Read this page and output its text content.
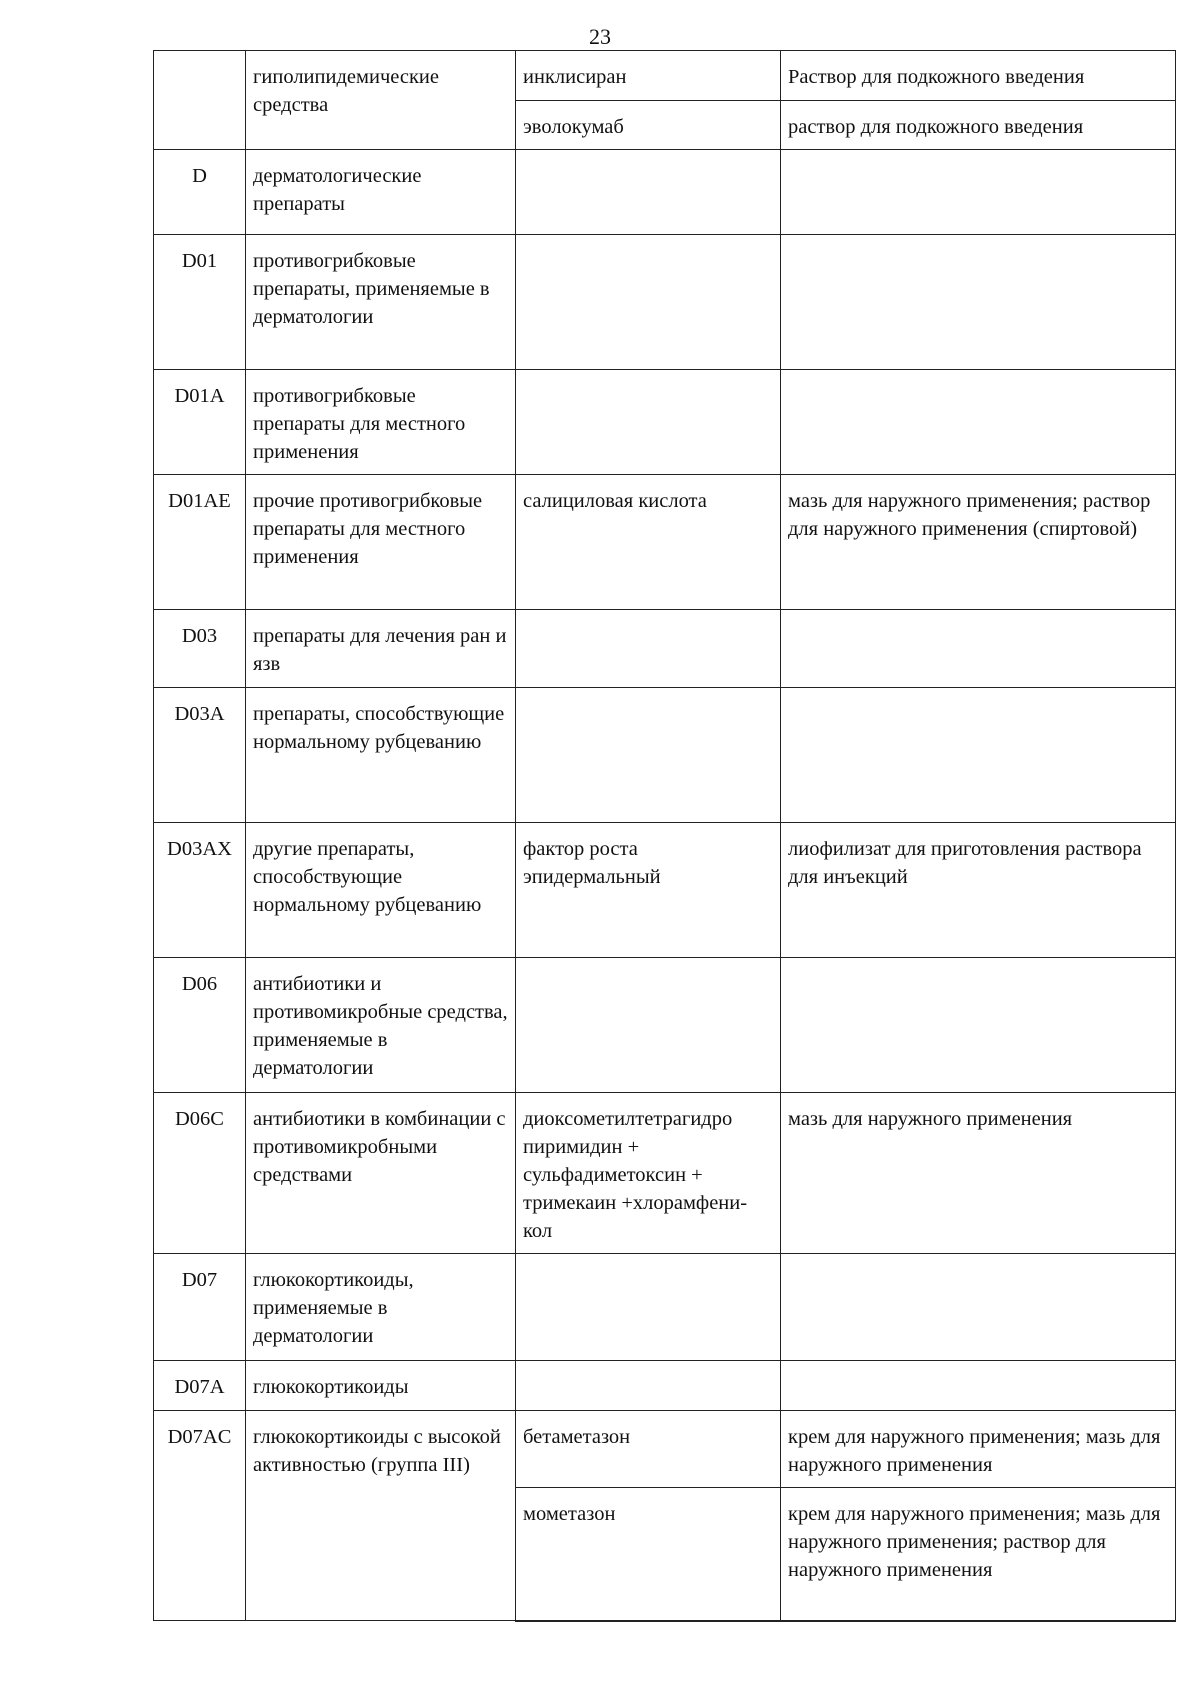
23
	гиполипидемические средства	инклисиран	Раствор для подкожного введения
		эволокумаб	раствор для подкожного введения
D	дерматологические препараты		
D01	противогрибковые препараты, применяемые в дерматологии		
D01A	противогрибковые препараты для местного применения		
D01AE	прочие противогрибковые препараты для местного применения	салициловая кислота	мазь для наружного применения; раствор для наружного применения (спиртовой)
D03	препараты для лечения ран и язв		
D03A	препараты, способствующие нормальному рубцеванию		
D03AX	другие препараты, способствующие нормальному рубцеванию	фактор роста эпидермальный	лиофилизат для приготовления раствора для инъекций
D06	антибиотики и противомикробные средства, применяемые в дерматологии		
D06C	антибиотики в комбинации с противомикробными средствами	диоксометилтетрагидро пиримидин + сульфадиметоксин + тримекаин +хлорамфени-кол	мазь для наружного применения
D07	глюкокортикоиды, применяемые в дерматологии		
D07A	глюкокортикоиды		
D07AC	глюкокортикоиды с высокой активностью (группа III)	бетаметазон	крем для наружного применения; мазь для наружного применения
		мометазон	крем для наружного применения; мазь для наружного применения; раствор для наружного применения
